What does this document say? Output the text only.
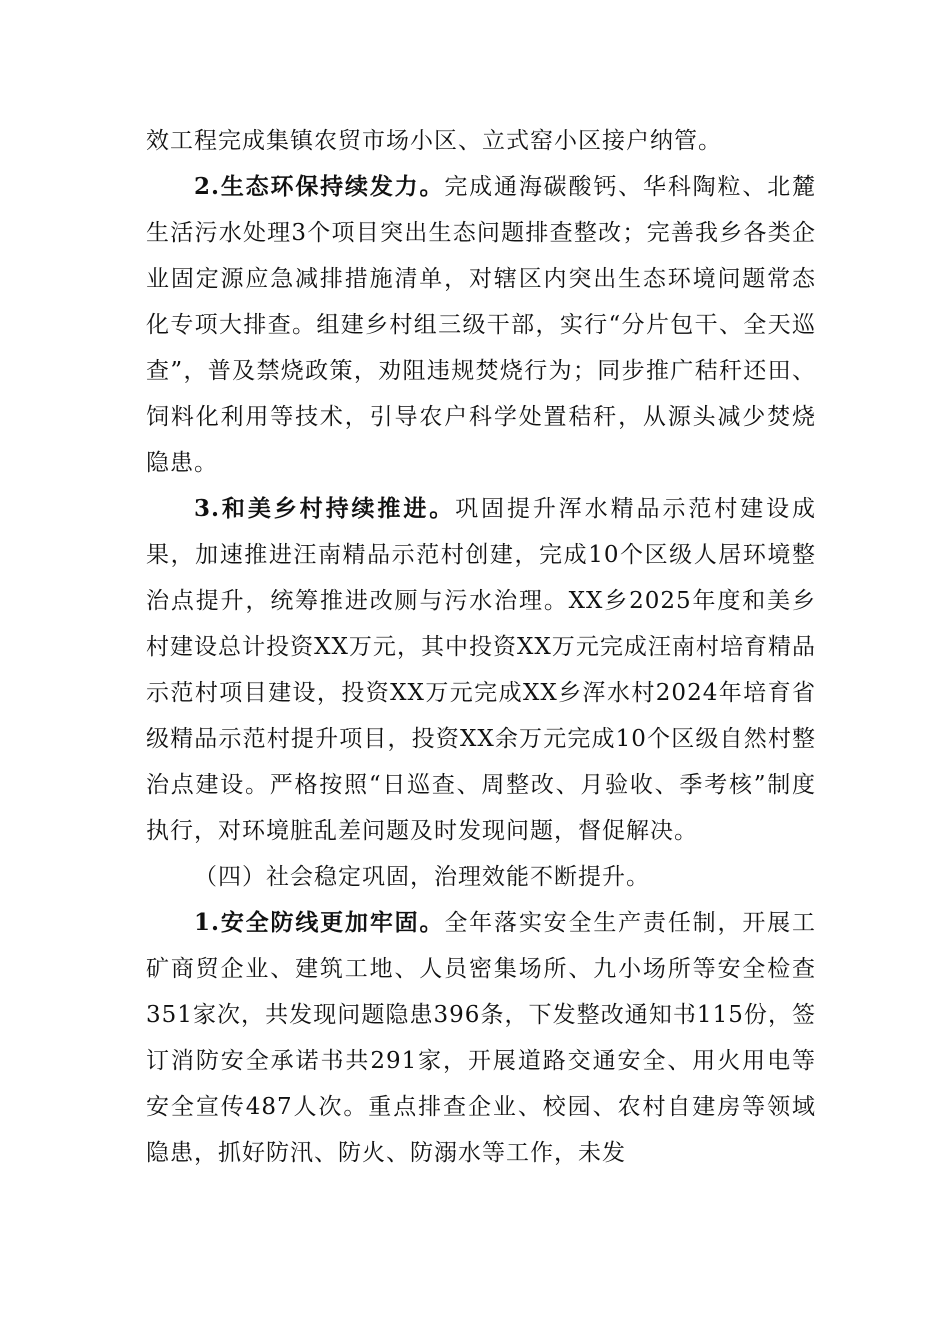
效工程完成集镇农贸市场小区、立式窑小区接户纳管。

2.生态环保持续发力。完成通海碳酸钙、华科陶粒、北麓生活污水处理3个项目突出生态问题排查整改；完善我乡各类企业固定源应急减排措施清单，对辖区内突出生态环境问题常态化专项大排查。组建乡村组三级干部，实行“分片包干、全天巡查”，普及禁烧政策，劝阻违规焚烧行为；同步推广秸秆还田、饲料化利用等技术，引导农户科学处置秸秆，从源头减少焚烧隐患。

3.和美乡村持续推进。巩固提升浑水精品示范村建设成果，加速推进汪南精品示范村创建，完成10个区级人居环境整治点提升，统筹推进改厕与污水治理。XX乡2025年度和美乡村建设总计投资XX万元，其中投资XX万元完成汪南村培育精品示范村项目建设，投资XX万元完成XX乡浑水村2024年培育省级精品示范村提升项目，投资XX余万元完成10个区级自然村整治点建设。严格按照“日巡查、周整改、月验收、季考核”制度执行，对环境脏乱差问题及时发现问题，督促解决。

（四）社会稳定巩固，治理效能不断提升。

1.安全防线更加牢固。全年落实安全生产责任制，开展工矿商贸企业、建筑工地、人员密集场所、九小场所等安全检查351家次，共发现问题隐患396条，下发整改通知书115份，签订消防安全承诺书共291家，开展道路交通安全、用火用电等安全宣传487人次。重点排查企业、校园、农村自建房等领域隐患，抓好防汛、防火、防溺水等工作，未发
